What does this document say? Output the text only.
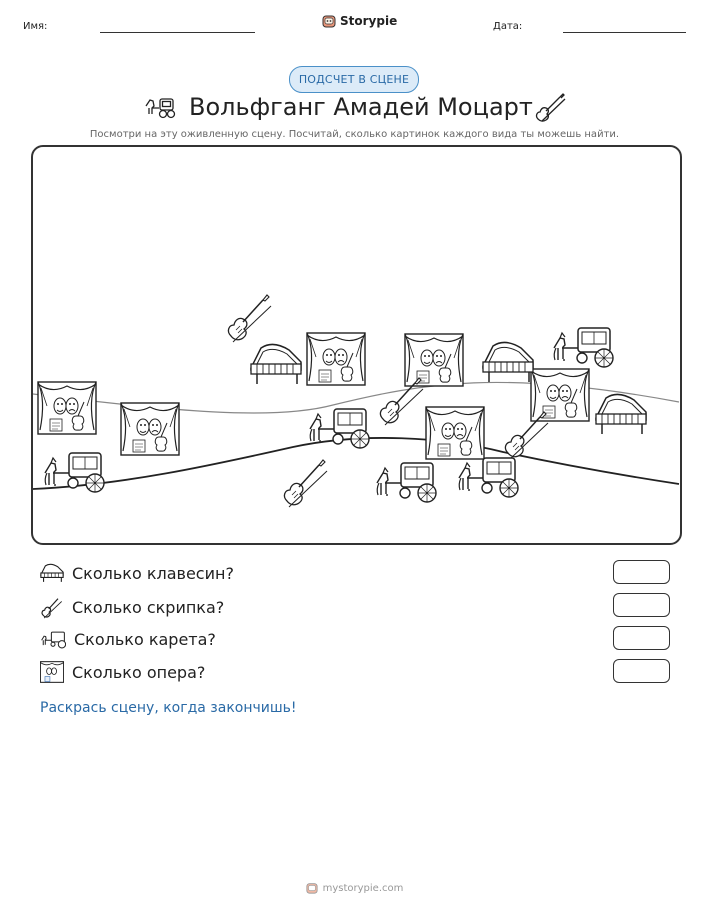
Имя:	Storypie	Дата:
ПОДСЧЕТ В СЦЕНЕ
Вольфганг Амадей Моцарт
Посмотри на эту оживленную сцену. Посчитай, сколько картинок каждого вида ты можешь найти.
Сколько клавесин?
Сколько скрипка?
Сколько карета?
Сколько опера?
Раскрась сцену, когда закончишь!
mystorypie.com
